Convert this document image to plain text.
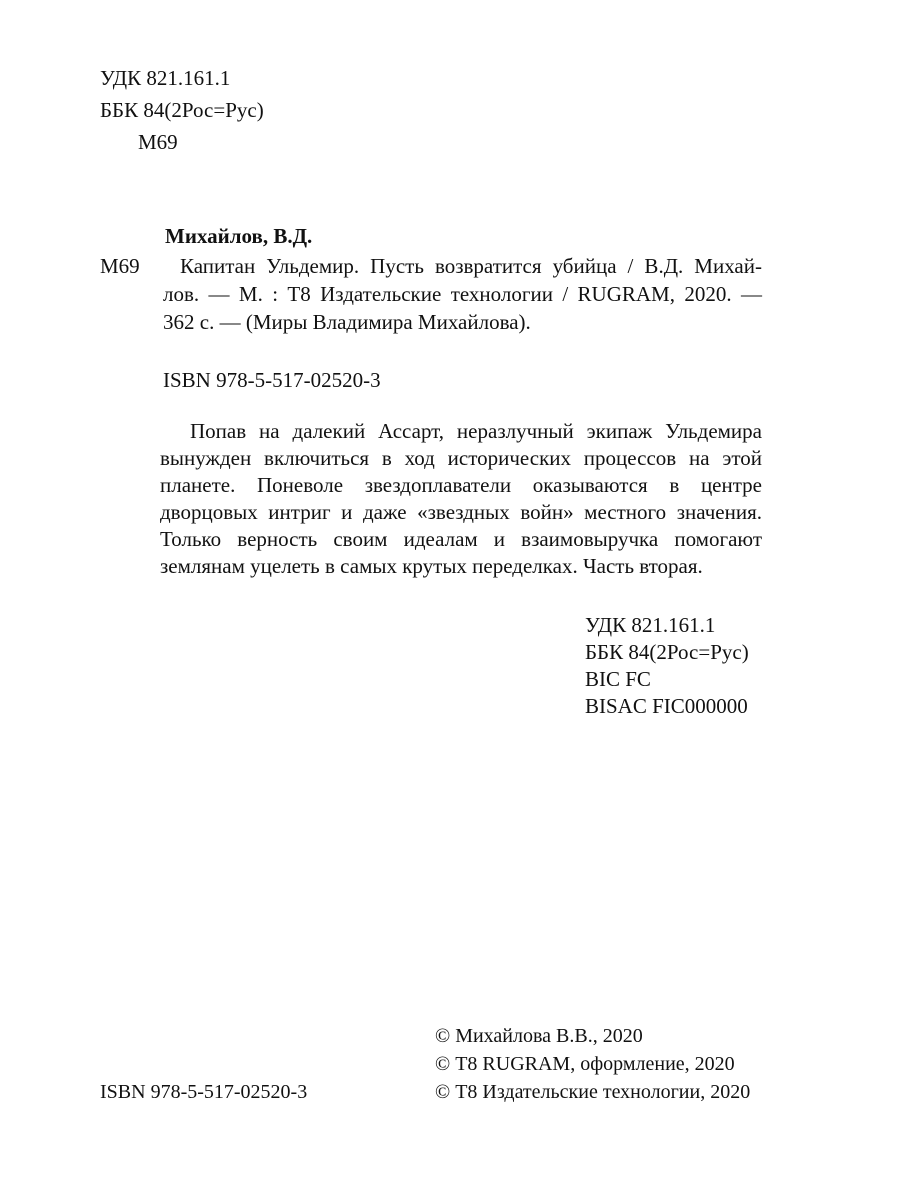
УДК 821.161.1
ББК 84(2Рос=Рус)
М69
Михайлов, В.Д.
М69	Капитан Ульдемир. Пусть возвратится убийца / В.Д. Михай-
лов. — М. : Т8 Издательские технологии / RUGRAM, 2020. —
362 с. — (Миры Владимира Михайлова).
ISBN 978-5-517-02520-3
Попав на далекий Ассарт, неразлучный экипаж Ульдемира
вынужден включиться в ход исторических процессов на этой
планете. Поневоле звездоплаватели оказываются в центре
дворцовых интриг и даже «звездных войн» местного значения.
Только верность своим идеалам и взаимовыручка помогают
землянам уцелеть в самых крутых переделках. Часть вторая.
УДК 821.161.1
ББК 84(2Рос=Рус)
BIC FC
BISAC FIC000000
© Михайлова В.В., 2020
© Т8 RUGRAM, оформление, 2020
© Т8 Издательские технологии, 2020
ISBN 978-5-517-02520-3
